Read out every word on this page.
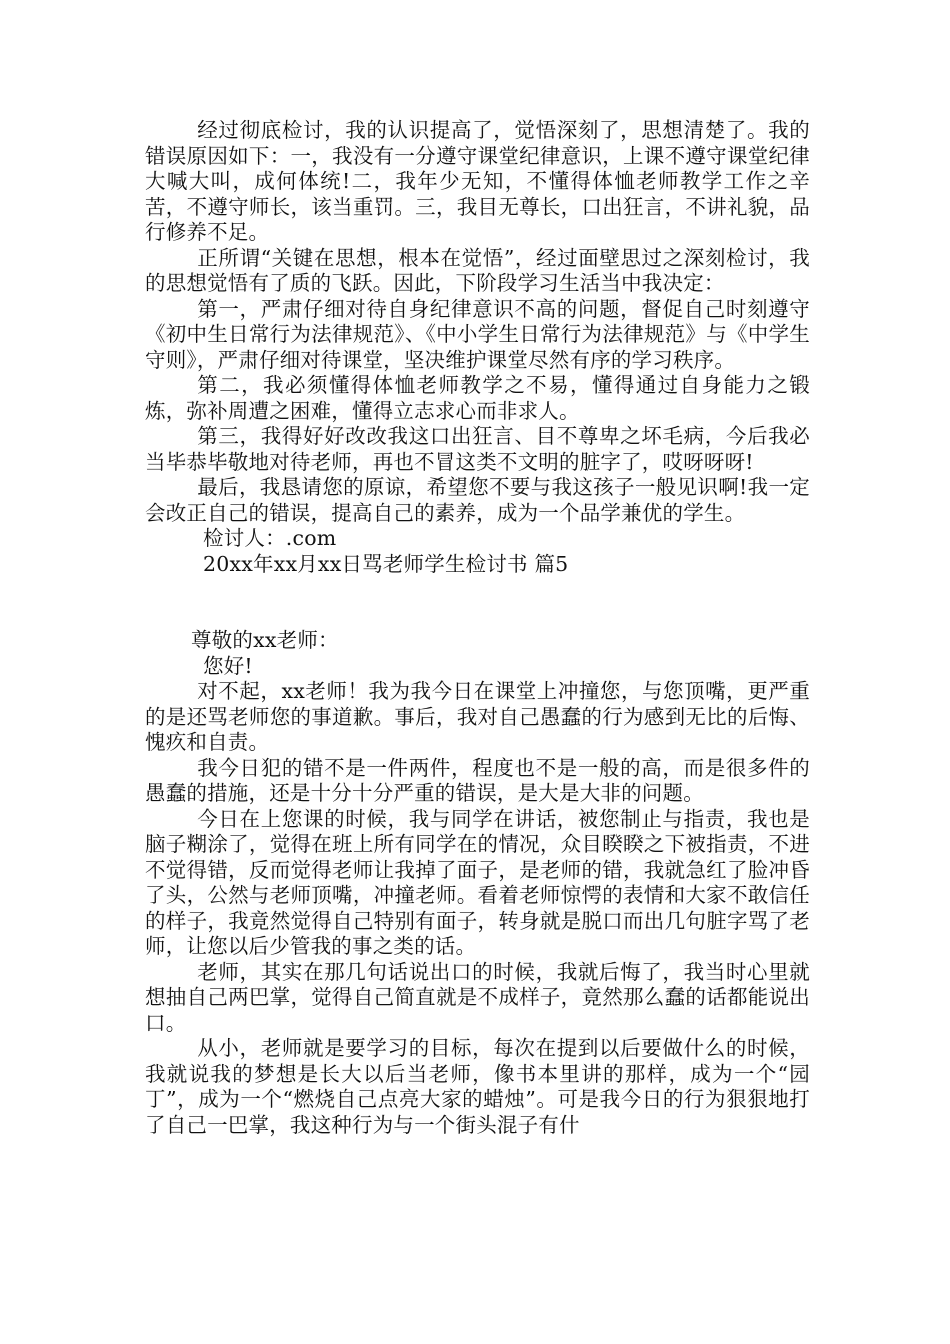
经过彻底检讨，我的认识提高了，觉悟深刻了，思想清楚了。我的错误原因如下：一，我没有一分遵守课堂纪律意识，上课不遵守课堂纪律大喊大叫，成何体统!二，我年少无知，不懂得体恤老师教学工作之辛苦，不遵守师长，该当重罚。三，我目无尊长，口出狂言，不讲礼貌，品行修养不足。

正所谓“关键在思想，根本在觉悟”，经过面壁思过之深刻检讨，我的思想觉悟有了质的飞跃。因此，下阶段学习生活当中我决定：

第一，严肃仔细对待自身纪律意识不高的问题，督促自己时刻遵守《初中生日常行为法律规范》、《中小学生日常行为法律规范》与《中学生守则》，严肃仔细对待课堂，坚决维护课堂尽然有序的学习秩序。

第二，我必须懂得体恤老师教学之不易，懂得通过自身能力之锻炼，弥补周遭之困难，懂得立志求心而非求人。

第三，我得好好改改我这口出狂言、目不尊卑之坏毛病，今后我必当毕恭毕敬地对待老师，再也不冒这类不文明的脏字了，哎呀呀呀!

最后，我恳请您的原谅，希望您不要与我这孩子一般见识啊!我一定会改正自己的错误，提高自己的素养，成为一个品学兼优的学生。

检讨人：.com

20xx年xx月xx日骂老师学生检讨书 篇5

尊敬的xx老师：

您好!

对不起，xx老师！我为我今日在课堂上冲撞您，与您顶嘴，更严重的是还骂老师您的事道歉。事后，我对自己愚蠢的行为感到无比的后悔、愧疚和自责。

我今日犯的错不是一件两件，程度也不是一般的高，而是很多件的愚蠢的措施，还是十分十分严重的错误，是大是大非的问题。

今日在上您课的时候，我与同学在讲话，被您制止与指责，我也是脑子糊涂了，觉得在班上所有同学在的情况，众目睽睽之下被指责，不进不觉得错，反而觉得老师让我掉了面子，是老师的错，我就急红了脸冲昏了头，公然与老师顶嘴，冲撞老师。看着老师惊愕的表情和大家不敢信任的样子，我竟然觉得自己特别有面子，转身就是脱口而出几句脏字骂了老师，让您以后少管我的事之类的话。

老师，其实在那几句话说出口的时候，我就后悔了，我当时心里就想抽自己两巴掌，觉得自己简直就是不成样子，竟然那么蠢的话都能说出口。

从小，老师就是要学习的目标，每次在提到以后要做什么的时候，我就说我的梦想是长大以后当老师，像书本里讲的那样，成为一个“园丁”，成为一个“燃烧自己点亮大家的蜡烛”。可是我今日的行为狠狠地打了自己一巴掌，我这种行为与一个街头混子有什
